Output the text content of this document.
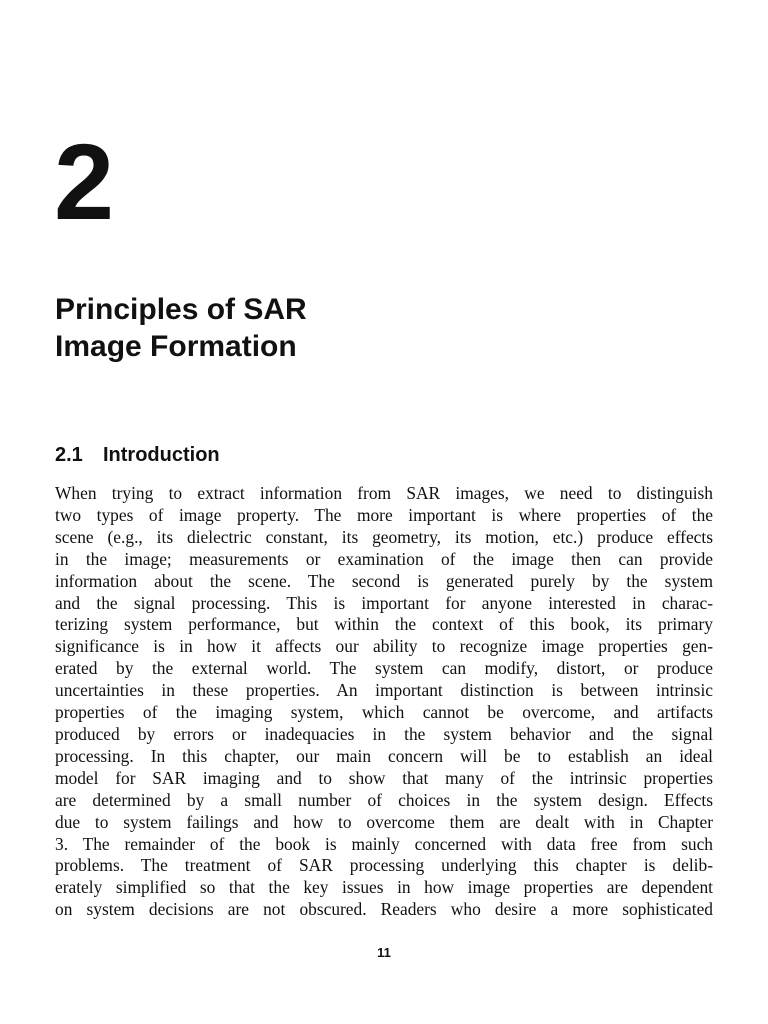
2
Principles of SAR
Image Formation
2.1 Introduction

When trying to extract information from SAR images, we need to distinguish
two types of image property. The more important is where properties of the
scene (e.g., its dielectric constant, its geometry, its motion, etc.) produce effects
in the image; measurements or examination of the image then can provide
information about the scene. The second is generated purely by the system
and the signal processing. This is important for anyone interested in charac-
terizing system performance, but within the context of this book, its primary
significance is in how it affects our ability to recognize image properties gen-
erated by the external world. The system can modify, distort, or produce
uncertainties in these properties. An important distinction is between intrinsic
properties of the imaging system, which cannot be overcome, and artifacts
produced by errors or inadequacies in the system behavior and the signal
processing. In this chapter, our main concern will be to establish an ideal
model for SAR imaging and to show that many of the intrinsic properties
are determined by a small number of choices in the system design. Effects
due to system failings and how to overcome them are dealt with in Chapter
3. The remainder of the book is mainly concerned with data free from such
problems. The treatment of SAR processing underlying this chapter is delib-
erately simplified so that the key issues in how image properties are dependent
on system decisions are not obscured. Readers who desire a more sophisticated

11
